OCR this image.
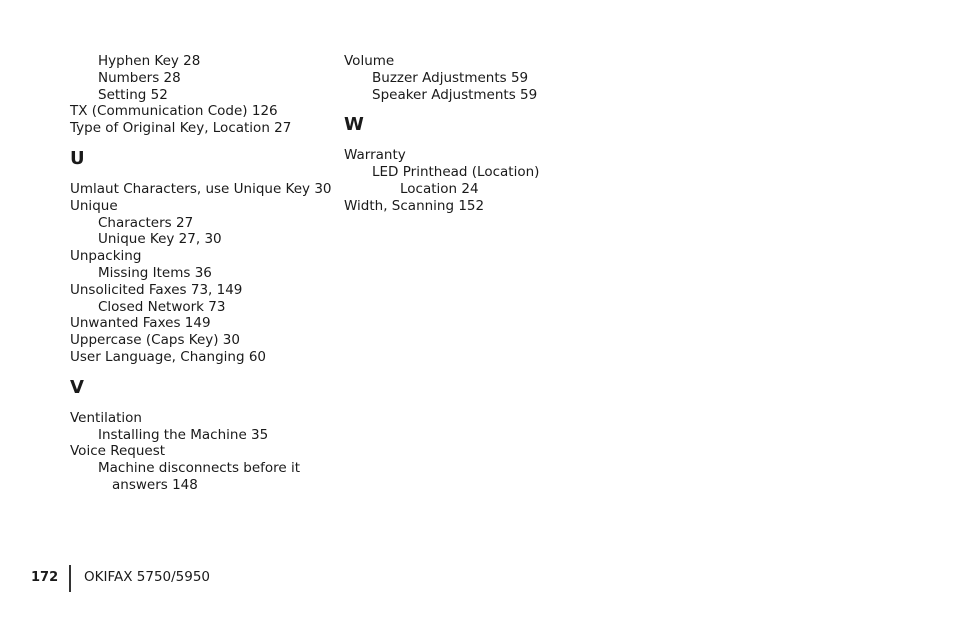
Hyphen Key 28
Numbers 28
Setting 52
TX (Communication Code) 126
Type of Original Key, Location 27
U
Umlaut Characters, use Unique Key 30
Unique
Characters 27
Unique Key 27, 30
Unpacking
Missing Items 36
Unsolicited Faxes 73, 149
Closed Network 73
Unwanted Faxes 149
Uppercase (Caps Key) 30
User Language, Changing 60
V
Ventilation
Installing the Machine 35
Voice Request
Machine disconnects before it
answers 148
Volume
Buzzer Adjustments 59
Speaker Adjustments 59
W
Warranty
LED Printhead (Location)
Location 24
Width, Scanning 152
172 OKIFAX 5750/5950
